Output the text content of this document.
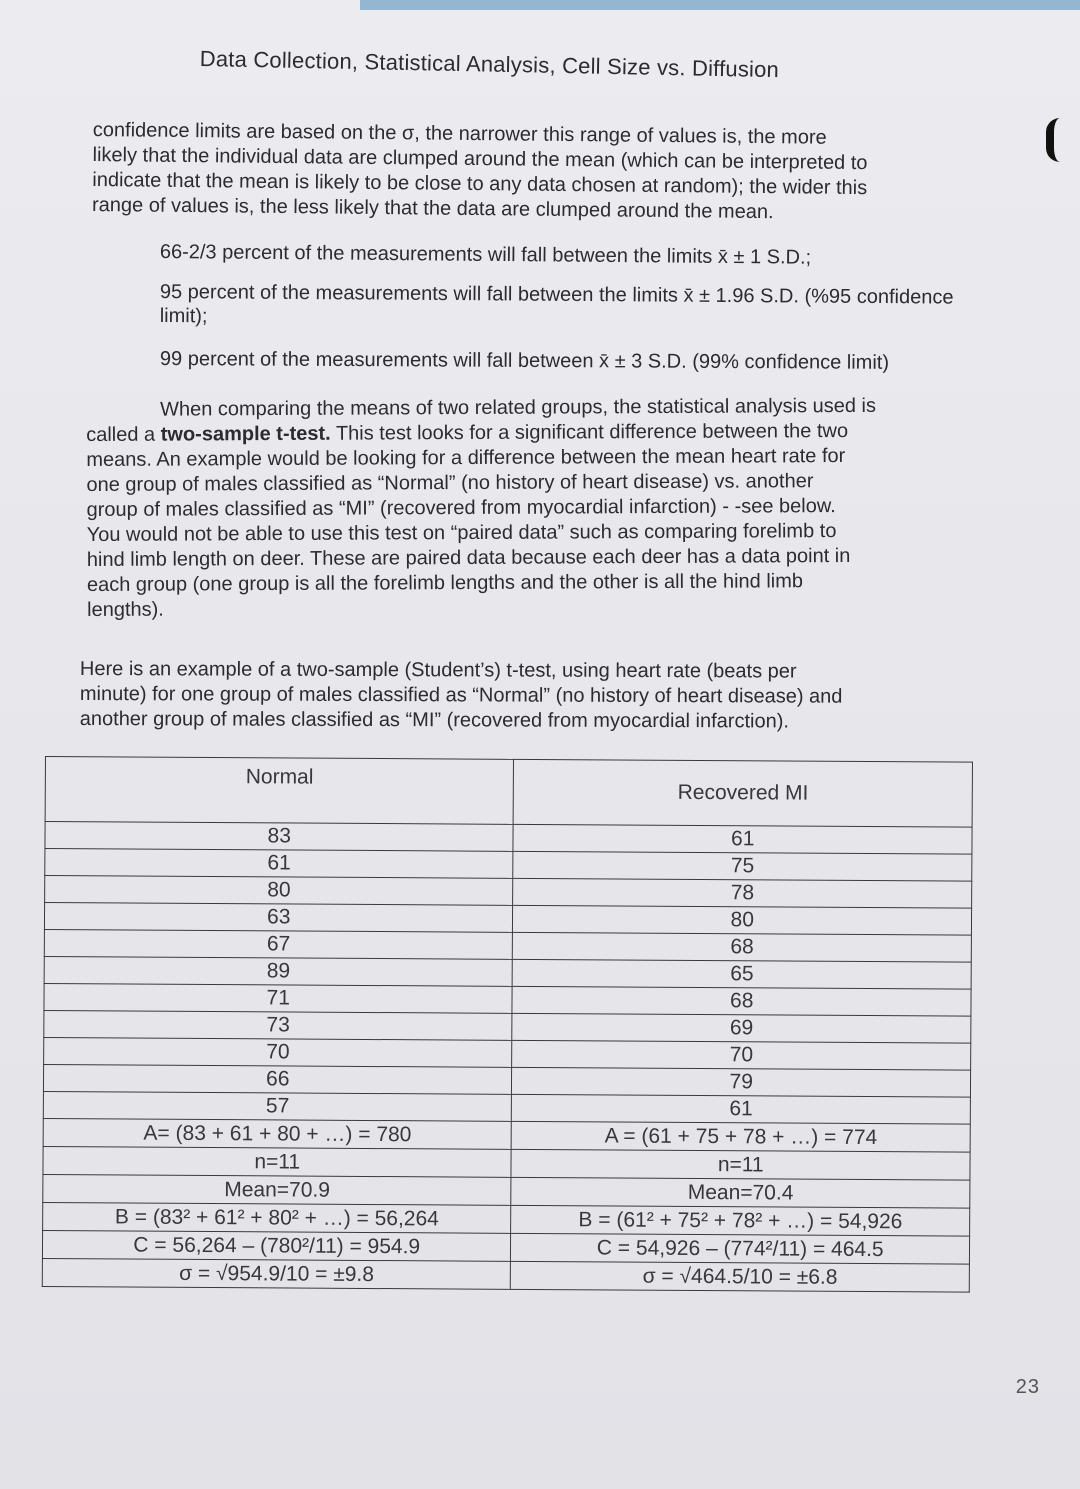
Data Collection, Statistical Analysis, Cell Size vs. Diffusion
confidence limits are based on the σ, the narrower this range of values is, the more
likely that the individual data are clumped around the mean (which can be interpreted to
indicate that the mean is likely to be close to any data chosen at random); the wider this
range of values is, the less likely that the data are clumped around the mean.
66-2/3 percent of the measurements will fall between the limits x̄ ± 1 S.D.;
95 percent of the measurements will fall between the limits x̄ ± 1.96 S.D. (%95 confidence limit);
99 percent of the measurements will fall between x̄ ± 3 S.D. (99% confidence limit)
When comparing the means of two related groups, the statistical analysis used is
called a two-sample t-test. This test looks for a significant difference between the two
means. An example would be looking for a difference between the mean heart rate for
one group of males classified as “Normal” (no history of heart disease) vs. another
group of males classified as “MI” (recovered from myocardial infarction) - -see below.
You would not be able to use this test on “paired data” such as comparing forelimb to
hind limb length on deer. These are paired data because each deer has a data point in
each group (one group is all the forelimb lengths and the other is all the hind limb
lengths).
Here is an example of a two-sample (Student’s) t-test, using heart rate (beats per
minute) for one group of males classified as “Normal” (no history of heart disease) and
another group of males classified as “MI” (recovered from myocardial infarction).
Normal	Recovered MI
83	61
61	75
80	78
63	80
67	68
89	65
71	68
73	69
70	70
66	79
57	61
A= (83 + 61 + 80 + …) = 780	A = (61 + 75 + 78 + …) = 774
n=11	n=11
Mean=70.9	Mean=70.4
B = (83² + 61² + 80² + …) = 56,264	B = (61² + 75² + 78² + …) = 54,926
C = 56,264 – (780²/11) = 954.9	C = 54,926 – (774²/11) = 464.5
σ = √954.9/10 = ±9.8	σ = √464.5/10 = ±6.8
23
